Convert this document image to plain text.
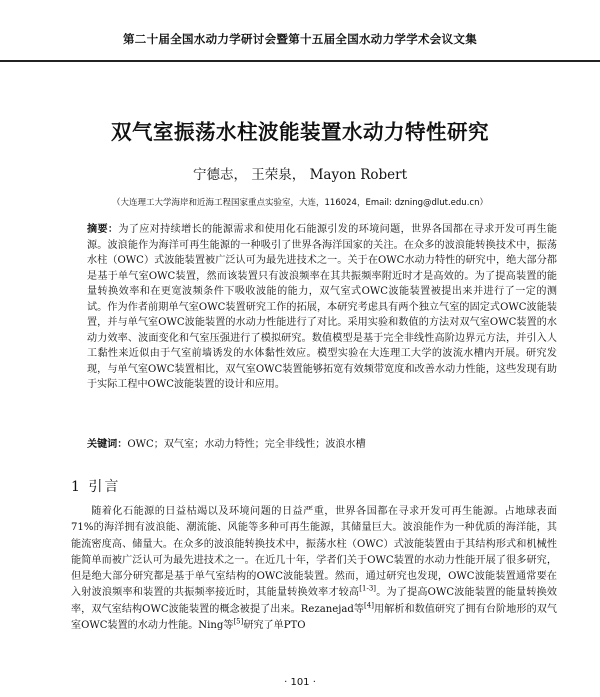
第二十届全国水动力学研讨会暨第十五届全国水动力学学术会议文集
双气室振荡水柱波能装置水动力特性研究
宁德志， 王荣泉， Mayon Robert
（大连理工大学海岸和近海工程国家重点实验室，大连，116024，Email: dzning@dlut.edu.cn）
摘要：为了应对持续增长的能源需求和使用化石能源引发的环境问题，世界各国都在寻求开发可再生能源。波浪能作为海洋可再生能源的一种吸引了世界各海洋国家的关注。在众多的波浪能转换技术中，振荡水柱（OWC）式波能装置被广泛认可为最先进技术之一。关于在OWC水动力特性的研究中，绝大部分都是基于单气室OWC装置，然而该装置只有波浪频率在其共振频率附近时才是高效的。为了提高装置的能量转换效率和在更宽波频条件下吸收波能的能力，双气室式OWC波能装置被提出来并进行了一定的测试。作为作者前期单气室OWC装置研究工作的拓展，本研究考虑具有两个独立气室的固定式OWC波能装置，并与单气室OWC波能装置的水动力性能进行了对比。采用实验和数值的方法对双气室OWC装置的水动力效率、波面变化和气室压强进行了模拟研究。数值模型是基于完全非线性高阶边界元方法，并引入人工黏性来近似由于气室前墙诱发的水体黏性效应。模型实验在大连理工大学的波流水槽内开展。研究发现，与单气室OWC装置相比，双气室OWC装置能够拓宽有效频带宽度和改善水动力性能，这些发现有助于实际工程中OWC波能装置的设计和应用。
关键词：OWC；双气室；水动力特性；完全非线性；波浪水槽
1 引言
随着化石能源的日益枯竭以及环境问题的日益严重，世界各国都在寻求开发可再生能源。占地球表面71%的海洋拥有波浪能、潮流能、风能等多种可再生能源，其储量巨大。波浪能作为一种优质的海洋能，其能流密度高、储量大。在众多的波浪能转换技术中，振荡水柱（OWC）式波能装置由于其结构形式和机械性能简单而被广泛认可为最先进技术之一。在近几十年，学者们关于OWC装置的水动力性能开展了很多研究，但是绝大部分研究都是基于单气室结构的OWC波能装置。然而，通过研究也发现，OWC波能装置通常要在入射波浪频率和装置的共振频率接近时，其能量转换效率才较高[1-3]。为了提高OWC波能装置的能量转换效率，双气室结构OWC波能装置的概念被提了出来。Rezanejad等[4]用解析和数值研究了拥有台阶地形的双气室OWC装置的水动力性能。Ning等[5]研究了单PTO
· 101 ·
